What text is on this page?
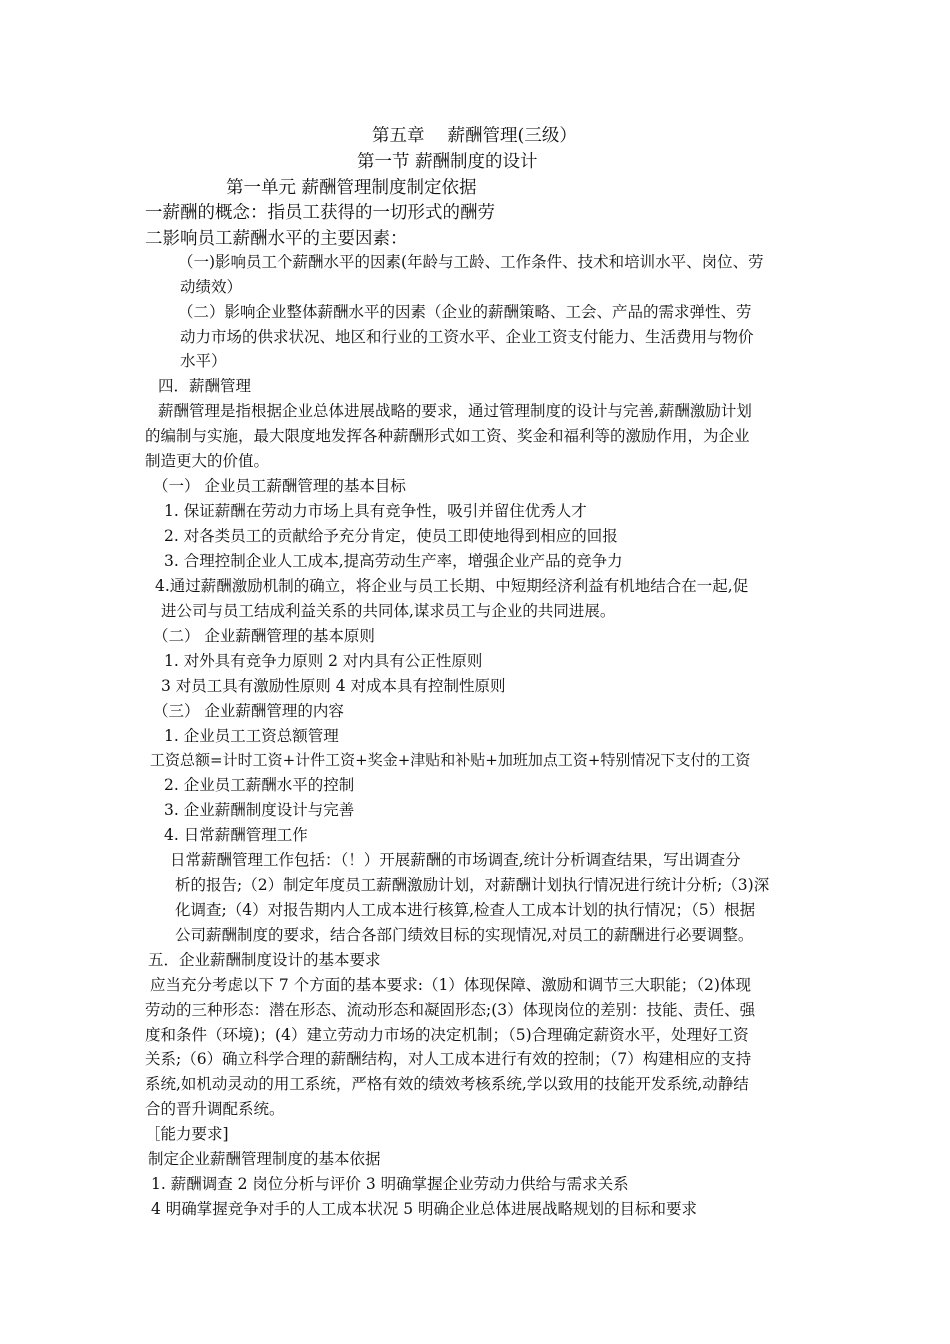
第五章　 薪酬管理(三级）
第一节 薪酬制度的设计
第一单元 薪酬管理制度制定依据
一薪酬的概念：指员工获得的一切形式的酬劳
二影响员工薪酬水平的主要因素：
（一)影响员工个薪酬水平的因素(年龄与工龄、工作条件、技术和培训水平、岗位、劳
动绩效）
（二）影响企业整体薪酬水平的因素（企业的薪酬策略、工会、产品的需求弹性、劳
动力市场的供求状况、地区和行业的工资水平、企业工资支付能力、生活费用与物价
水平）
四．薪酬管理
薪酬管理是指根据企业总体进展战略的要求，通过管理制度的设计与完善,薪酬激励计划
的编制与实施，最大限度地发挥各种薪酬形式如工资、奖金和福利等的激励作用，为企业
制造更大的价值。
（一） 企业员工薪酬管理的基本目标
1. 保证薪酬在劳动力市场上具有竞争性，吸引并留住优秀人才
2. 对各类员工的贡献给予充分肯定，使员工即使地得到相应的回报
3. 合理控制企业人工成本,提高劳动生产率，增强企业产品的竞争力
4.通过薪酬激励机制的确立，将企业与员工长期、中短期经济利益有机地结合在一起,促
进公司与员工结成利益关系的共同体,谋求员工与企业的共同进展。
（二） 企业薪酬管理的基本原则
1. 对外具有竞争力原则 2 对内具有公正性原则
3 对员工具有激励性原则 4 对成本具有控制性原则
（三） 企业薪酬管理的内容
1. 企业员工工资总额管理
工资总额=计时工资+计件工资+奖金+津贴和补贴+加班加点工资+特别情况下支付的工资
2. 企业员工薪酬水平的控制
3. 企业薪酬制度设计与完善
4. 日常薪酬管理工作
日常薪酬管理工作包括：（！）开展薪酬的市场调查,统计分析调查结果，写出调查分
析的报告;（2）制定年度员工薪酬激励计划，对薪酬计划执行情况进行统计分析;（3)深
化调查;（4）对报告期内人工成本进行核算,检查人工成本计划的执行情况；（5）根据
公司薪酬制度的要求，结合各部门绩效目标的实现情况,对员工的薪酬进行必要调整。
五．企业薪酬制度设计的基本要求
应当充分考虑以下 7 个方面的基本要求:（1）体现保障、激励和调节三大职能；（2)体现
劳动的三种形态：潜在形态、流动形态和凝固形态;(3）体现岗位的差别：技能、责任、强
度和条件（环境)；(4）建立劳动力市场的决定机制；（5)合理确定薪资水平，处理好工资
关系;（6）确立科学合理的薪酬结构，对人工成本进行有效的控制；（7）构建相应的支持
系统,如机动灵动的用工系统，严格有效的绩效考核系统,学以致用的技能开发系统,动静结
合的晋升调配系统。
［能力要求]
制定企业薪酬管理制度的基本依据
1. 薪酬调查 2 岗位分析与评价 3 明确掌握企业劳动力供给与需求关系
4 明确掌握竞争对手的人工成本状况 5 明确企业总体进展战略规划的目标和要求
